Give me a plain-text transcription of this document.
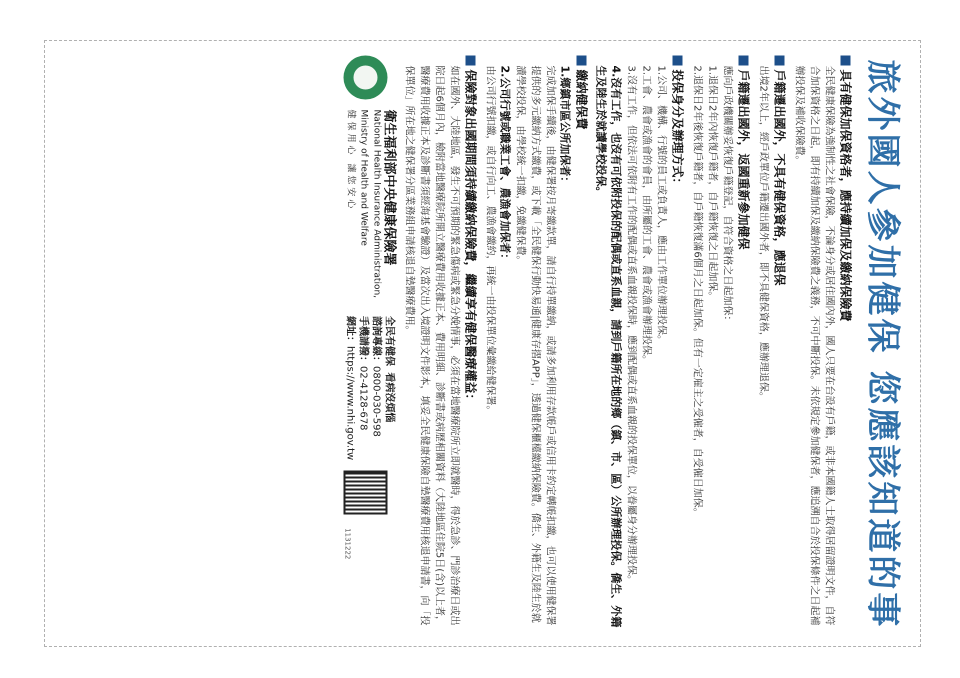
旅外國人參加健保 您應該知道的事
具有健保加保資格者，應持續加保及繳納保險費
全民健康保險為強制性之社會保險，不論身分或居住國內外，國人只要在台設有戶籍，或非本國籍人士取得居留證明文件，自符合加保資格之日起，即有持續加保及繳納保險費之義務，不可中斷投保。未依規定參加健保者，應追溯自合於投保條件之日起補辦投保及補收保險費。
戶籍遷出國外，不具有健保資格，應退保
出境2年以上，經戶政單位戶籍遷出國外者，即不具健保資格，應辦理退保。
戶籍遷出國外，返國重新參加健保
應向戶政機關辦妥恢復戶籍登記，自符合資格之日起加保：
1.退保日2年內恢復戶籍者，自戶籍恢復之日起加保。
2.退保日2年後恢復戶籍者，自戶籍恢復滿6個月之日起加保。但有一定雇主之受僱者，自受僱日加保。
投保身分及辦理方式：
1.公司、機構、行號的員工或負責人，應由工作單位辦理投保。
2.工會、農會或漁會的會員，由所屬的工會、農會或漁會辦理投保。
3.沒有工作，但依法可依附有工作的配偶或直系血親投保時，應到配偶或直系血親的投保單位，以眷屬身分辦理投保。
4.沒有工作，也沒有可依附投保的配偶或直系血親，請到戶籍所在地的鄉（鎮、市、區）公所辦理投保。僑生、外籍生及陸生於就讀學校投保。
繳納健保費
1.鄉鎮市區公所加保者：
完成加保手續後，由健保署按月寄繳款單，請自行持單繳納，或請多加利用存款帳戶或信用卡約定轉帳扣繳，也可以使用健保署提供的多元繳納方式繳費，或下載「全民健保行動快易通|健康存摺APP」，透過健保櫃檯繳納保險費。僑生、外籍生及陸生於就讀學校投保，由學校統一扣繳，免繳健保費。
2.公司行號或職業工會、農漁會加保者：
由公司行號扣繳，或自行向工、農漁會繳約，再統一由投保單位彙繳給健保署。
保險對象出國期間須持續繳納保險費，繼續享有健保醫療權益：
如在國外、大陸地區，發生不可預期的緊急傷病或緊急分娩情事，必須在當地醫療院所立即就醫時，得於急診、門診治療日或出院日起6個月內，檢附當地醫療院所開立醫療費用收據正本、費用明細、診斷書或病歷相關資料（大陸地區住院5日(含)以上者，醫療費用收據正本及診斷書須經海基會驗證）及當次出入境證明文件影本，填妥全民健康保險自墊醫療費用核退申請書，向「投保單位」所在地之健保署分區業務組申請核退自墊醫療費用。
衛生福利部中央健康保險署
National Health Insurance Administration,
Ministry of Health and Welfare
健保用心 讓您安心
全民有健保  看病沒煩惱
諮詢專線：0800-030-598
手機請撥：02-4128-678
網址：https://www.nhi.gov.tw
1131222
